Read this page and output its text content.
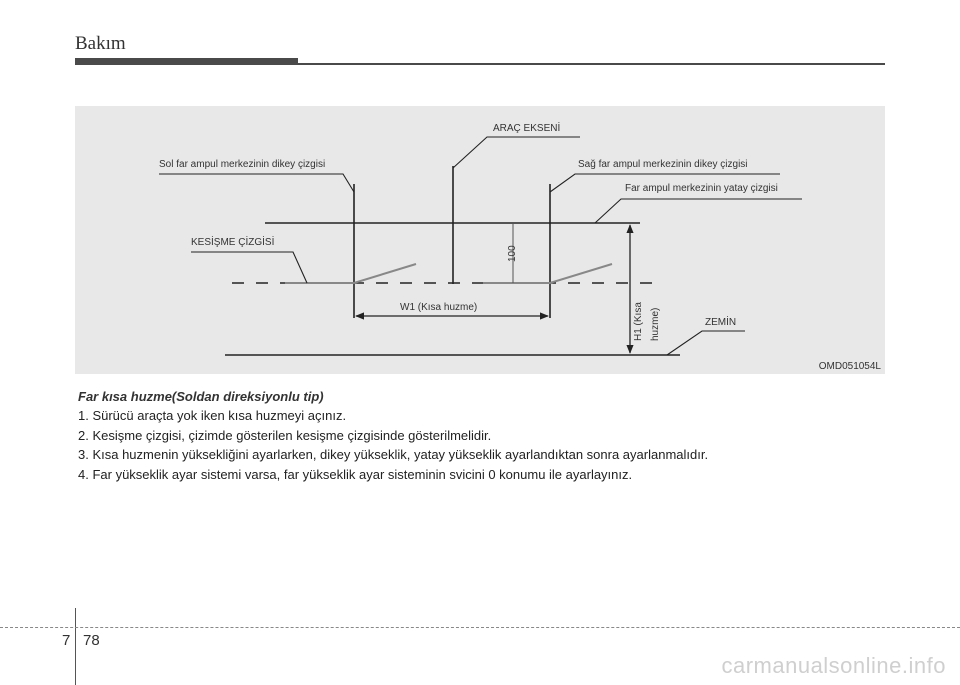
Bakım
100
W1 (Kısa huzme)	H1 (Kısa huzme)
ARAÇ EKSENİ
Sol far ampul merkezinin dikey çizgisi	Sağ far ampul merkezinin dikey çizgisi
Far ampul merkezinin yatay çizgisi
KESİŞME ÇİZGİSİ
ZEMİN
OMD051054L
Far kısa huzme(Soldan direksiyonlu tip)
1. Sürücü araçta yok iken kısa huzmeyi açınız.
2. Kesişme çizgisi, çizimde gösterilen kesişme çizgisinde gösterilmelidir.
3. Kısa huzmenin yüksekliğini ayarlarken, dikey yükseklik, yatay yükseklik ayarlandıktan sonra ayarlanmalıdır.
4. Far yükseklik ayar sistemi varsa, far yükseklik ayar sisteminin svicini 0 konumu ile ayarlayınız.
7 78
carmanualsonline.info
